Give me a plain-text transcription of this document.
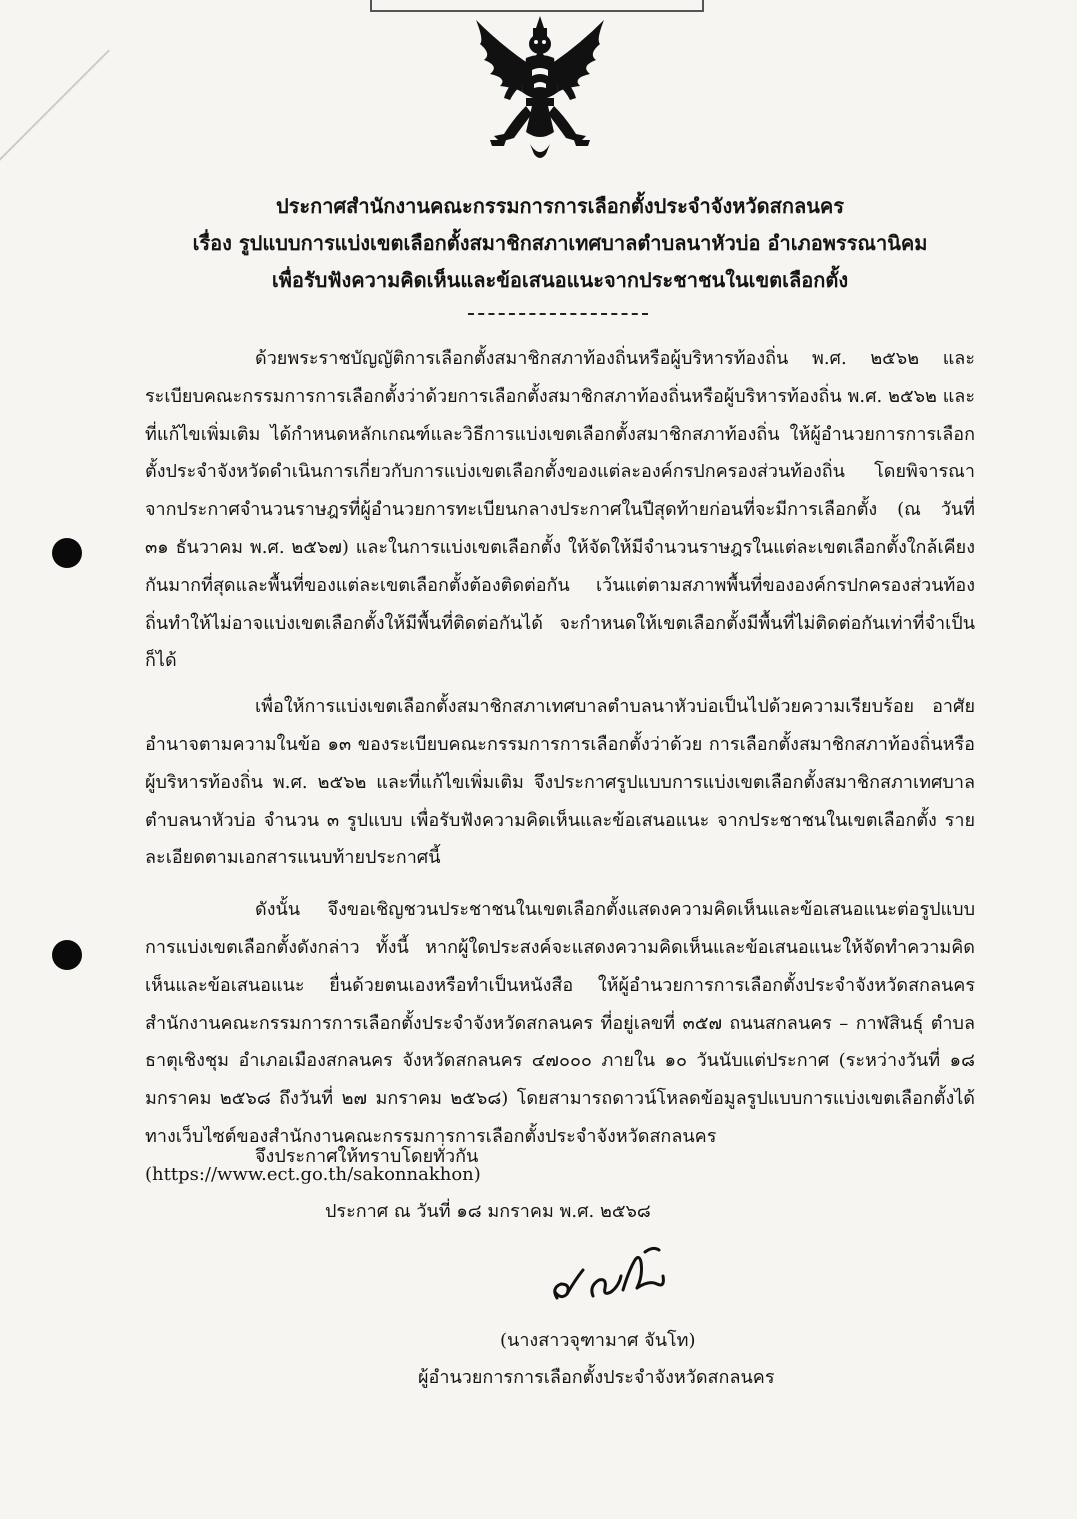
ประกาศสำนักงานคณะกรรมการการเลือกตั้งประจำจังหวัดสกลนคร
เรื่อง รูปแบบการแบ่งเขตเลือกตั้งสมาชิกสภาเทศบาลตำบลนาหัวบ่อ อำเภอพรรณานิคม
เพื่อรับฟังความคิดเห็นและข้อเสนอแนะจากประชาชนในเขตเลือกตั้ง

ด้วยพระราชบัญญัติการเลือกตั้งสมาชิกสภาท้องถิ่นหรือผู้บริหารท้องถิ่น พ.ศ. ๒๕๖๒ และระเบียบคณะกรรมการการเลือกตั้งว่าด้วยการเลือกตั้งสมาชิกสภาท้องถิ่นหรือผู้บริหารท้องถิ่น พ.ศ. ๒๕๖๒ และที่แก้ไขเพิ่มเติม ได้กำหนดหลักเกณฑ์และวิธีการแบ่งเขตเลือกตั้งสมาชิกสภาท้องถิ่น ให้ผู้อำนวยการการเลือกตั้งประจำจังหวัดดำเนินการเกี่ยวกับการแบ่งเขตเลือกตั้งของแต่ละองค์กรปกครองส่วนท้องถิ่น โดยพิจารณาจากประกาศจำนวนราษฎรที่ผู้อำนวยการทะเบียนกลางประกาศในปีสุดท้ายก่อนที่จะมีการเลือกตั้ง (ณ วันที่ ๓๑ ธันวาคม พ.ศ. ๒๕๖๗) และในการแบ่งเขตเลือกตั้ง ให้จัดให้มีจำนวนราษฎรในแต่ละเขตเลือกตั้งใกล้เคียงกันมากที่สุดและพื้นที่ของแต่ละเขตเลือกตั้งต้องติดต่อกัน เว้นแต่ตามสภาพพื้นที่ขององค์กรปกครองส่วนท้องถิ่นทำให้ไม่อาจแบ่งเขตเลือกตั้งให้มีพื้นที่ติดต่อกันได้ จะกำหนดให้เขตเลือกตั้งมีพื้นที่ไม่ติดต่อกันเท่าที่จำเป็นก็ได้

เพื่อให้การแบ่งเขตเลือกตั้งสมาชิกสภาเทศบาลตำบลนาหัวบ่อเป็นไปด้วยความเรียบร้อย อาศัยอำนาจตามความในข้อ ๑๓ ของระเบียบคณะกรรมการการเลือกตั้งว่าด้วย การเลือกตั้งสมาชิกสภาท้องถิ่นหรือผู้บริหารท้องถิ่น พ.ศ. ๒๕๖๒ และที่แก้ไขเพิ่มเติม จึงประกาศรูปแบบการแบ่งเขตเลือกตั้งสมาชิกสภาเทศบาลตำบลนาหัวบ่อ จำนวน ๓ รูปแบบ เพื่อรับฟังความคิดเห็นและข้อเสนอแนะ จากประชาชนในเขตเลือกตั้ง รายละเอียดตามเอกสารแนบท้ายประกาศนี้

ดังนั้น จึงขอเชิญชวนประชาชนในเขตเลือกตั้งแสดงความคิดเห็นและข้อเสนอแนะต่อรูปแบบการแบ่งเขตเลือกตั้งดังกล่าว ทั้งนี้ หากผู้ใดประสงค์จะแสดงความคิดเห็นและข้อเสนอแนะให้จัดทำความคิดเห็นและข้อเสนอแนะ ยื่นด้วยตนเองหรือทำเป็นหนังสือ ให้ผู้อำนวยการการเลือกตั้งประจำจังหวัดสกลนคร สำนักงานคณะกรรมการการเลือกตั้งประจำจังหวัดสกลนคร ที่อยู่เลขที่ ๓๕๗ ถนนสกลนคร – กาฬสินธุ์ ตำบลธาตุเชิงชุม อำเภอเมืองสกลนคร จังหวัดสกลนคร ๔๗๐๐๐ ภายใน ๑๐ วันนับแต่ประกาศ (ระหว่างวันที่ ๑๘ มกราคม ๒๕๖๘ ถึงวันที่ ๒๗ มกราคม ๒๕๖๘) โดยสามารถดาวน์โหลดข้อมูลรูปแบบการแบ่งเขตเลือกตั้งได้ทางเว็บไซต์ของสำนักงานคณะกรรมการการเลือกตั้งประจำจังหวัดสกลนคร (https://www.ect.go.th/sakonnakhon)

จึงประกาศให้ทราบโดยทั่วกัน
ประกาศ ณ วันที่ ๑๘ มกราคม พ.ศ. ๒๕๖๘
(นางสาวจุฑามาศ จันโท)
ผู้อำนวยการการเลือกตั้งประจำจังหวัดสกลนคร
